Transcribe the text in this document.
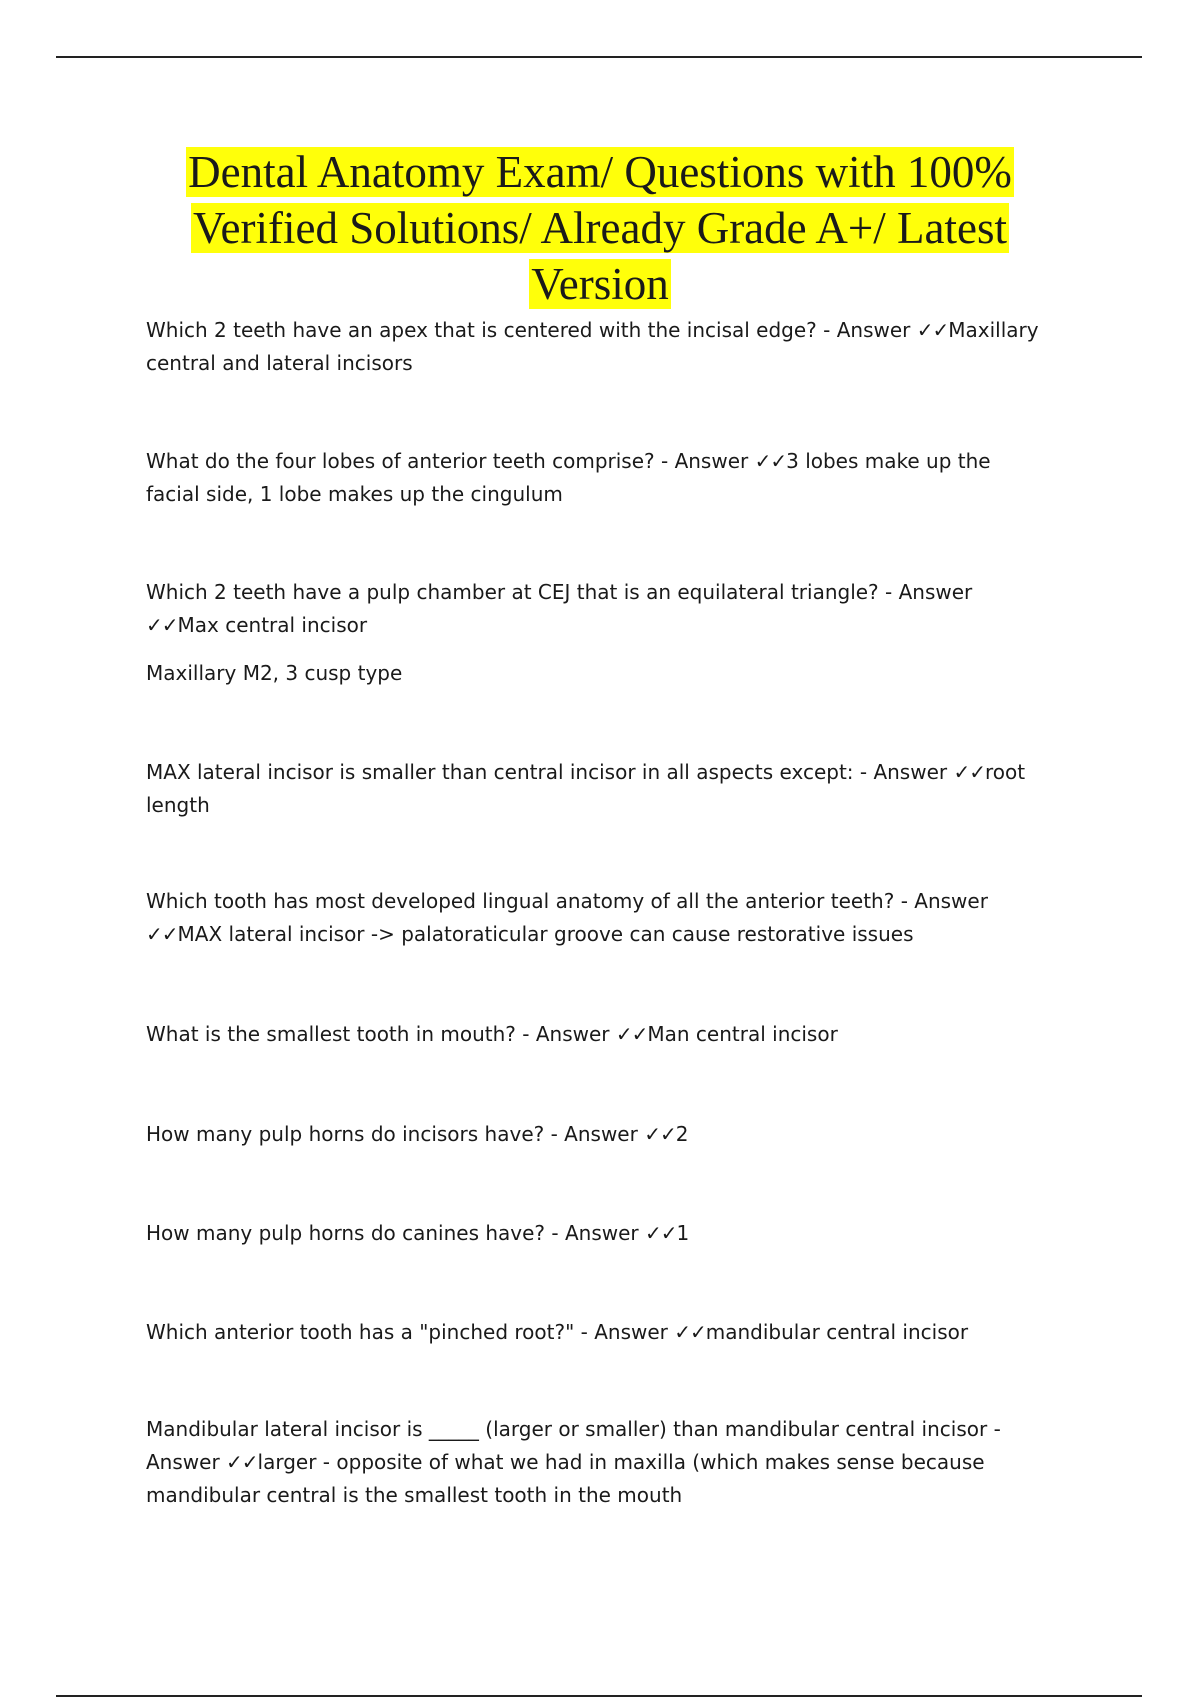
Dental Anatomy Exam/ Questions with 100% Verified Solutions/ Already Grade A+/ Latest Version

Which 2 teeth have an apex that is centered with the incisal edge? - Answer ✓✓Maxillary central and lateral incisors

What do the four lobes of anterior teeth comprise? - Answer ✓✓3 lobes make up the facial side, 1 lobe makes up the cingulum

Which 2 teeth have a pulp chamber at CEJ that is an equilateral triangle? - Answer ✓✓Max central incisor

Maxillary M2, 3 cusp type

MAX lateral incisor is smaller than central incisor in all aspects except: - Answer ✓✓root length

Which tooth has most developed lingual anatomy of all the anterior teeth? - Answer ✓✓MAX lateral incisor -> palatoraticular groove can cause restorative issues

What is the smallest tooth in mouth? - Answer ✓✓Man central incisor

How many pulp horns do incisors have? - Answer ✓✓2

How many pulp horns do canines have? - Answer ✓✓1

Which anterior tooth has a "pinched root?" - Answer ✓✓mandibular central incisor

Mandibular lateral incisor is _____ (larger or smaller) than mandibular central incisor - Answer ✓✓larger - opposite of what we had in maxilla (which makes sense because mandibular central is the smallest tooth in the mouth
